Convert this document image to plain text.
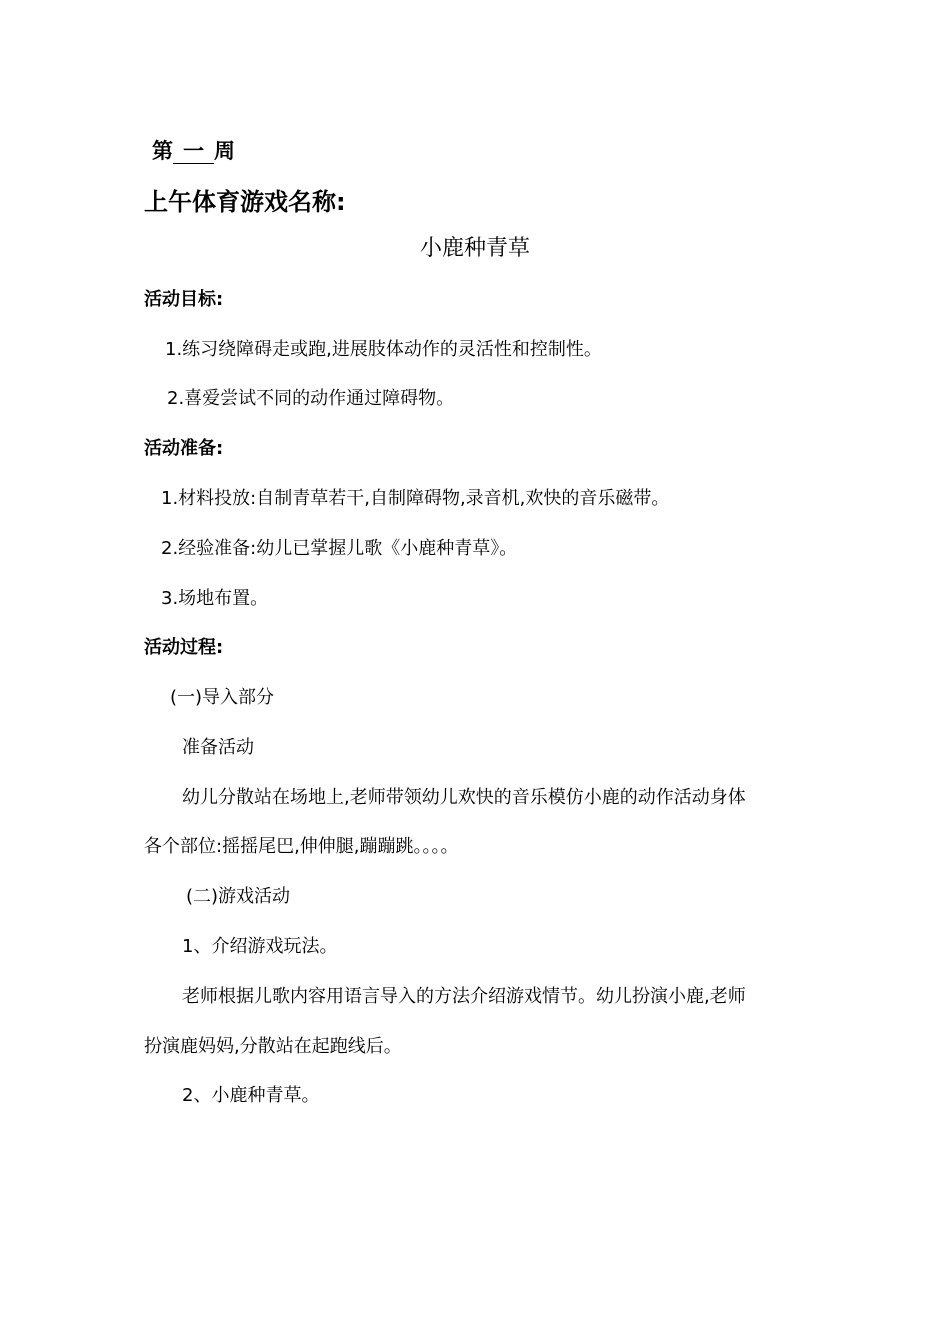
第 一 周
上午体育游戏名称:
小鹿种青草
活动目标:
1.练习绕障碍走或跑,进展肢体动作的灵活性和控制性。
2.喜爱尝试不同的动作通过障碍物。
活动准备:
1.材料投放:自制青草若干,自制障碍物,录音机,欢快的音乐磁带。
2.经验准备:幼儿已掌握儿歌《小鹿种青草》。
3.场地布置。
活动过程:
(一)导入部分
准备活动
幼儿分散站在场地上,老师带领幼儿欢快的音乐模仿小鹿的动作活动身体
各个部位:摇摇尾巴,伸伸腿,蹦蹦跳。。。。
(二)游戏活动
1、介绍游戏玩法。
老师根据儿歌内容用语言导入的方法介绍游戏情节。幼儿扮演小鹿,老师
扮演鹿妈妈,分散站在起跑线后。
2、小鹿种青草。
